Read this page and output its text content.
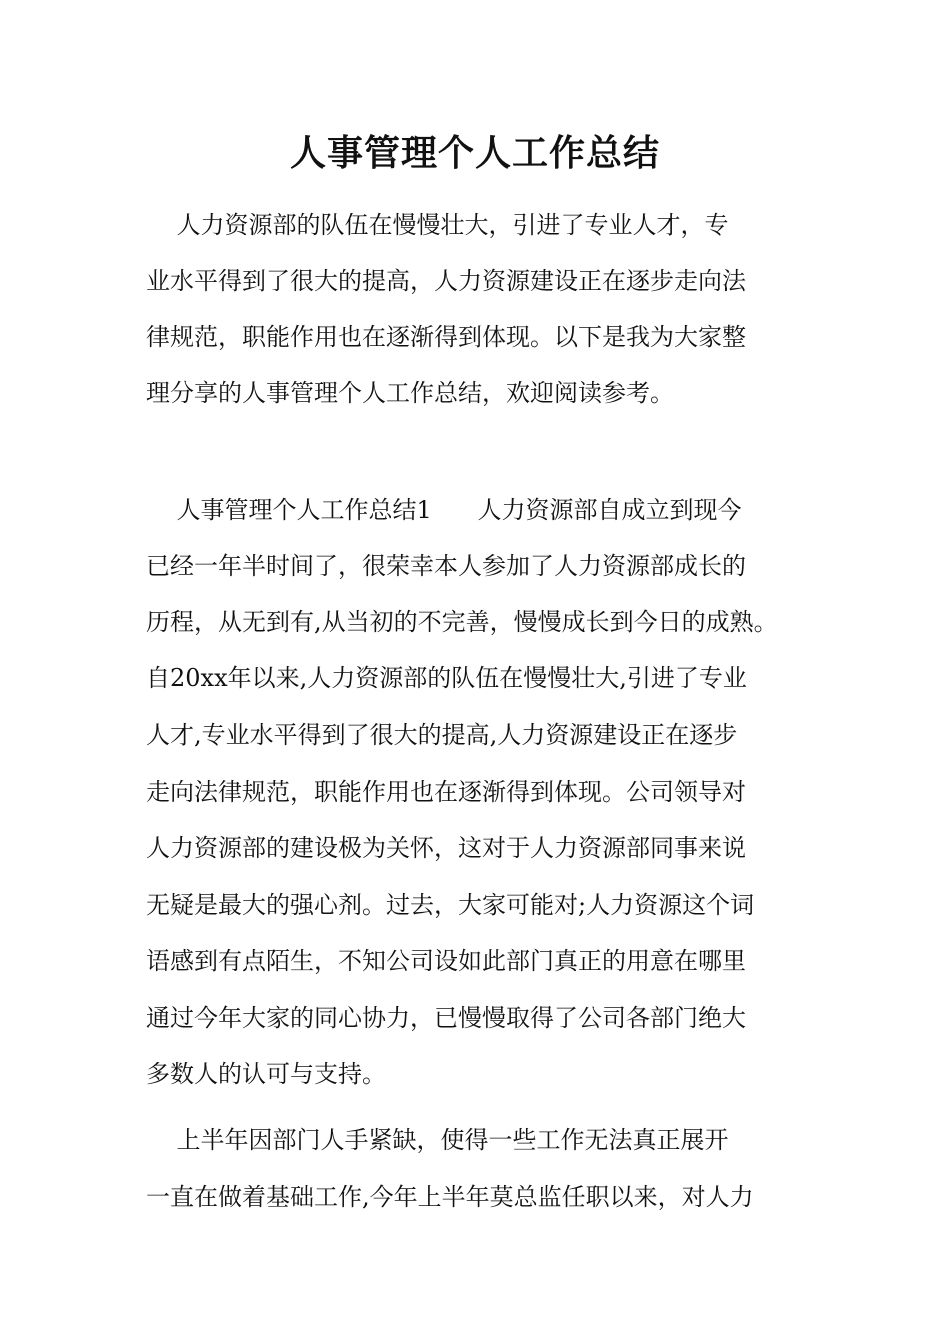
人事管理个人工作总结
人力资源部的队伍在慢慢壮大，引进了专业人才，专
业水平得到了很大的提高，人力资源建设正在逐步走向法
律规范，职能作用也在逐渐得到体现。以下是我为大家整
理分享的人事管理个人工作总结，欢迎阅读参考。
人事管理个人工作总结1      人力资源部自成立到现今
已经一年半时间了，很荣幸本人参加了人力资源部成长的
历程，从无到有,从当初的不完善，慢慢成长到今日的成熟。
自20xx年以来,人力资源部的队伍在慢慢壮大,引进了专业
人才,专业水平得到了很大的提高,人力资源建设正在逐步
走向法律规范，职能作用也在逐渐得到体现。公司领导对
人力资源部的建设极为关怀，这对于人力资源部同事来说
无疑是最大的强心剂。过去，大家可能对;人力资源这个词
语感到有点陌生，不知公司设如此部门真正的用意在哪里
通过今年大家的同心协力，已慢慢取得了公司各部门绝大
多数人的认可与支持。
上半年因部门人手紧缺，使得一些工作无法真正展开
一直在做着基础工作,今年上半年莫总监任职以来，对人力
